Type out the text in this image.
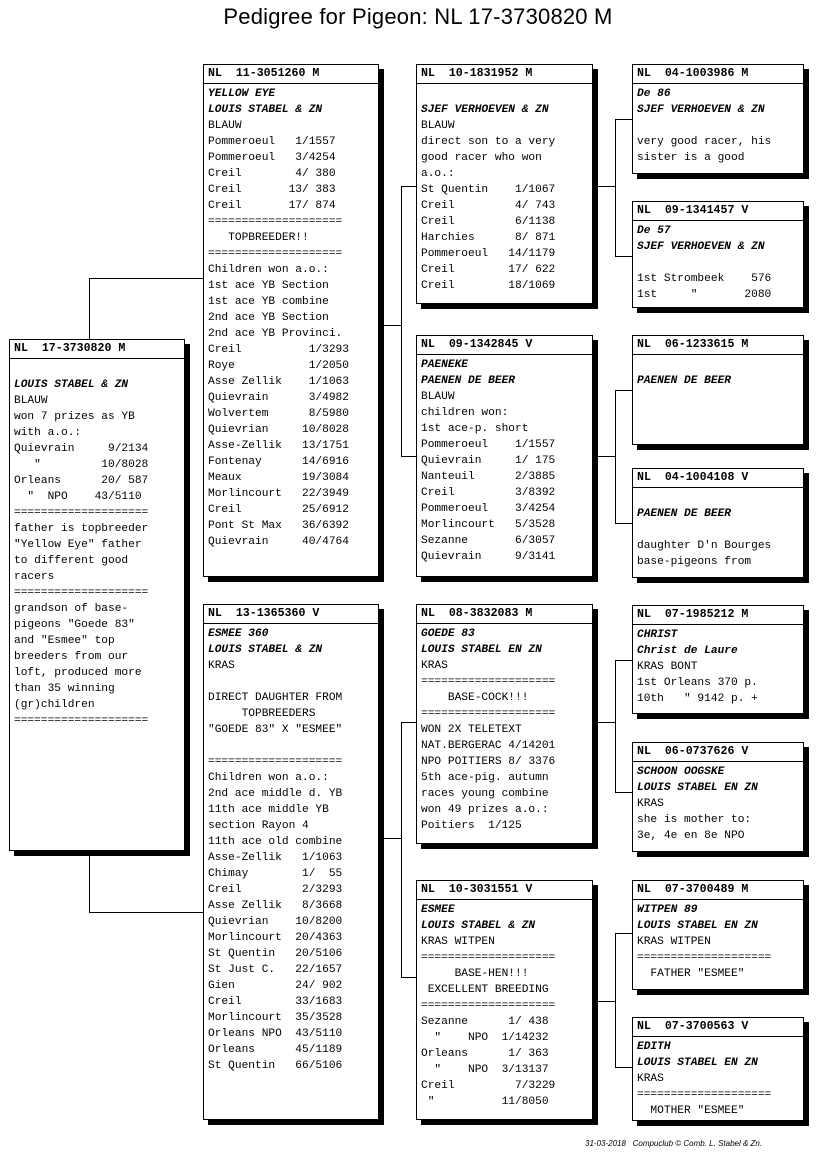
Pedigree for Pigeon: NL 17-3730820 M
NL  17-3730820 M
LOUIS STABEL & ZN
BLAUW
won 7 prizes as YB
with a.o.:
Quievrain     9/2134
"         10/8028
Orleans      20/ 587
"  NPO    43/5110
====================
father is topbreeder
"Yellow Eye" father
to different good
racers
====================
grandson of base-
pigeons "Goede 83"
and "Esmee" top
breeders from our
loft, produced more
than 35 winning
(gr)children
====================
NL  11-3051260 M
YELLOW EYE
LOUIS STABEL & ZN
BLAUW
Pommeroeul   1/1557
Pommeroeul   3/4254
Creil        4/ 380
Creil       13/ 383
Creil       17/ 874
====================
TOPBREEDER!!
====================
Children won a.o.:
1st ace YB Section
1st ace YB combine
2nd ace YB Section
2nd ace YB Provinci.
Creil          1/3293
Roye           1/2050
Asse Zellik    1/1063
Quievrain      3/4982
Wolvertem      8/5980
Quievrian     10/8028
Asse-Zellik   13/1751
Fontenay      14/6916
Meaux         19/3084
Morlincourt   22/3949
Creil         25/6912
Pont St Max   36/6392
Quievrain     40/4764
NL  13-1365360 V
ESMEE 360
LOUIS STABEL & ZN
KRAS
DIRECT DAUGHTER FROM
TOPBREEDERS
"GOEDE 83" X "ESMEE"
====================
Children won a.o.:
2nd ace middle d. YB
11th ace middle YB
section Rayon 4
11th ace old combine
Asse-Zellik   1/1063
Chimay        1/  55
Creil         2/3293
Asse Zellik   8/3668
Quievrian    10/8200
Morlincourt  20/4363
St Quentin   20/5106
St Just C.   22/1657
Gien         24/ 902
Creil        33/1683
Morlincourt  35/3528
Orleans NPO  43/5110
Orleans      45/1189
St Quentin   66/5106
NL  10-1831952 M
SJEF VERHOEVEN & ZN
BLAUW
direct son to a very
good racer who won
a.o.:
St Quentin    1/1067
Creil         4/ 743
Creil         6/1138
Harchies      8/ 871
Pommeroeul   14/1179
Creil        17/ 622
Creil        18/1069
NL  09-1342845 V
PAENEKE
PAENEN DE BEER
BLAUW
children won:
1st ace-p. short
Pommeroeul    1/1557
Quievrain     1/ 175
Nanteuil      2/3885
Creil         3/8392
Pommeroeul    3/4254
Morlincourt   5/3528
Sezanne       6/3057
Quievrain     9/3141
NL  08-3832083 M
GOEDE 83
LOUIS STABEL EN ZN
KRAS
====================
BASE-COCK!!!
====================
WON 2X TELETEXT
NAT.BERGERAC 4/14201
NPO POITIERS 8/ 3376
5th ace-pig. autumn
races young combine
won 49 prizes a.o.:
Poitiers  1/125
NL  10-3031551 V
ESMEE
LOUIS STABEL & ZN
KRAS WITPEN
====================
BASE-HEN!!!
EXCELLENT BREEDING
====================
Sezanne      1/ 438
"    NPO  1/14232
Orleans      1/ 363
"    NPO  3/13137
Creil         7/3229
"          11/8050
NL  04-1003986 M
De 86
SJEF VERHOEVEN & ZN
very good racer, his
sister is a good
NL  09-1341457 V
De 57
SJEF VERHOEVEN & ZN
1st Strombeek    576
1st     "       2080
NL  06-1233615 M
PAENEN DE BEER
NL  04-1004108 V
PAENEN DE BEER
daughter D'n Bourges
base-pigeons from
NL  07-1985212 M
CHRIST
Christ de Laure
KRAS BONT
1st Orleans 370 p.
10th   " 9142 p. +
NL  06-0737626 V
SCHOON OOGSKE
LOUIS STABEL EN ZN
KRAS
she is mother to:
3e, 4e en 8e NPO
NL  07-3700489 M
WITPEN 89
LOUIS STABEL EN ZN
KRAS WITPEN
====================
FATHER "ESMEE"
NL  07-3700563 V
EDITH
LOUIS STABEL EN ZN
KRAS
====================
MOTHER "ESMEE"
31-03-2018   Compuclub © Comb. L. Stabel & Zn.
